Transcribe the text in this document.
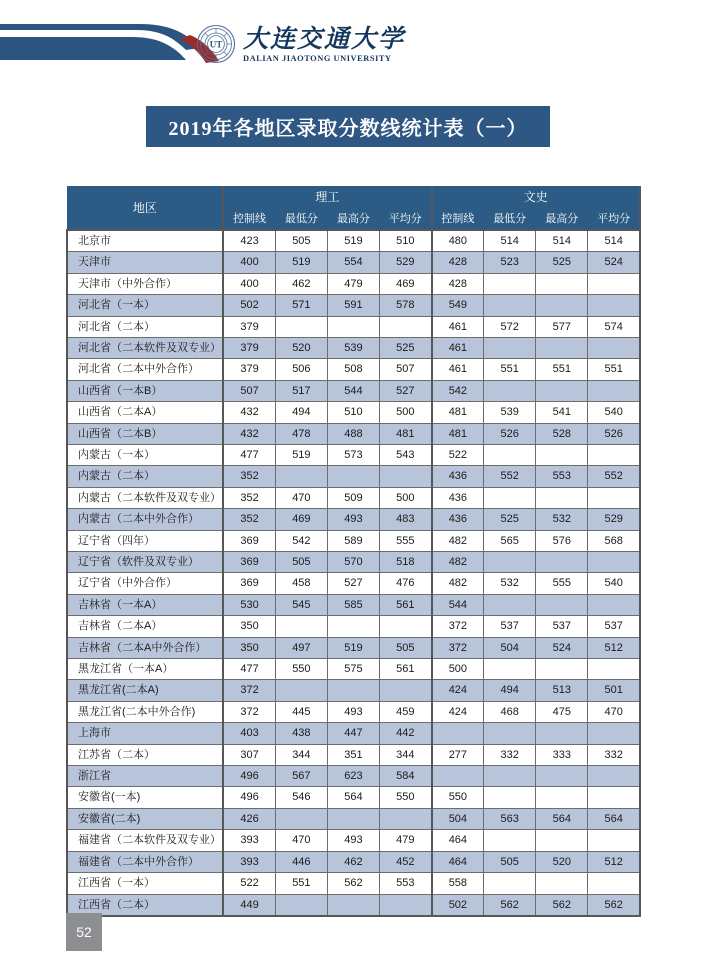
UT 大连交通大学
DALIAN JIAOTONG UNIVERSITY
2019年各地区录取分数线统计表（一）
地区	理工				文史			
	控制线	最低分	最高分	平均分	控制线	最低分	最高分	平均分
北京市	423	505	519	510	480	514	514	514
天津市	400	519	554	529	428	523	525	524
天津市（中外合作）	400	462	479	469	428			
河北省（一本）	502	571	591	578	549			
河北省（二本）	379				461	572	577	574
河北省（二本软件及双专业）	379	520	539	525	461			
河北省（二本中外合作）	379	506	508	507	461	551	551	551
山西省（一本B）	507	517	544	527	542			
山西省（二本A）	432	494	510	500	481	539	541	540
山西省（二本B）	432	478	488	481	481	526	528	526
内蒙古（一本）	477	519	573	543	522			
内蒙古（二本）	352				436	552	553	552
内蒙古（二本软件及双专业）	352	470	509	500	436			
内蒙古（二本中外合作）	352	469	493	483	436	525	532	529
辽宁省（四年）	369	542	589	555	482	565	576	568
辽宁省（软件及双专业）	369	505	570	518	482			
辽宁省（中外合作）	369	458	527	476	482	532	555	540
吉林省（一本A）	530	545	585	561	544			
吉林省（二本A）	350				372	537	537	537
吉林省（二本A中外合作）	350	497	519	505	372	504	524	512
黑龙江省（一本A）	477	550	575	561	500			
黑龙江省(二本A)	372				424	494	513	501
黑龙江省(二本中外合作)	372	445	493	459	424	468	475	470
上海市	403	438	447	442				
江苏省（二本）	307	344	351	344	277	332	333	332
浙江省	496	567	623	584				
安徽省(一本)	496	546	564	550	550			
安徽省(二本)	426				504	563	564	564
福建省（二本软件及双专业）	393	470	493	479	464			
福建省（二本中外合作）	393	446	462	452	464	505	520	512
江西省（一本）	522	551	562	553	558			
江西省（二本）	449				502	562	562	562
52
